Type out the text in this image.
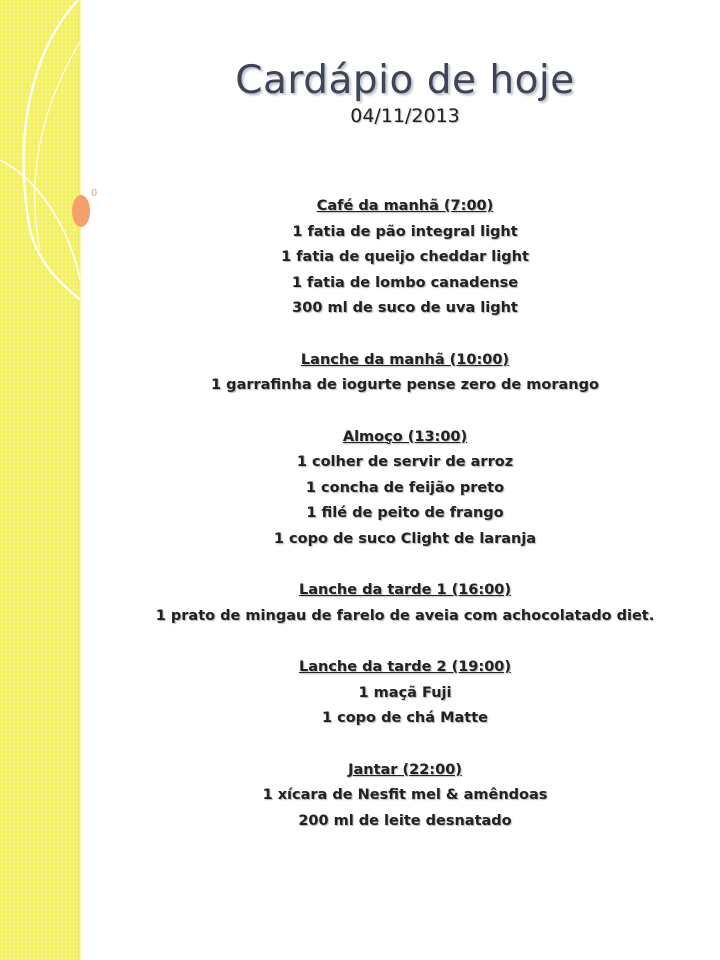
0
Cardápio de hoje
04/11/2013
Café da manhã (7:00)
1 fatia de pão integral light
1 fatia de queijo cheddar light
1 fatia de lombo canadense
300 ml de suco de uva light
Lanche da manhã (10:00)
1 garrafinha de iogurte pense zero de morango
Almoço (13:00)
1 colher de servir de arroz
1 concha de feijão preto
1 filé de peito de frango
1 copo de suco Clight de laranja
Lanche da tarde 1 (16:00)
1 prato de mingau de farelo de aveia com achocolatado diet.
Lanche da tarde 2 (19:00)
1 maçã Fuji
1 copo de chá Matte
Jantar (22:00)
1 xícara de Nesfit mel & amêndoas
200 ml de leite desnatado
